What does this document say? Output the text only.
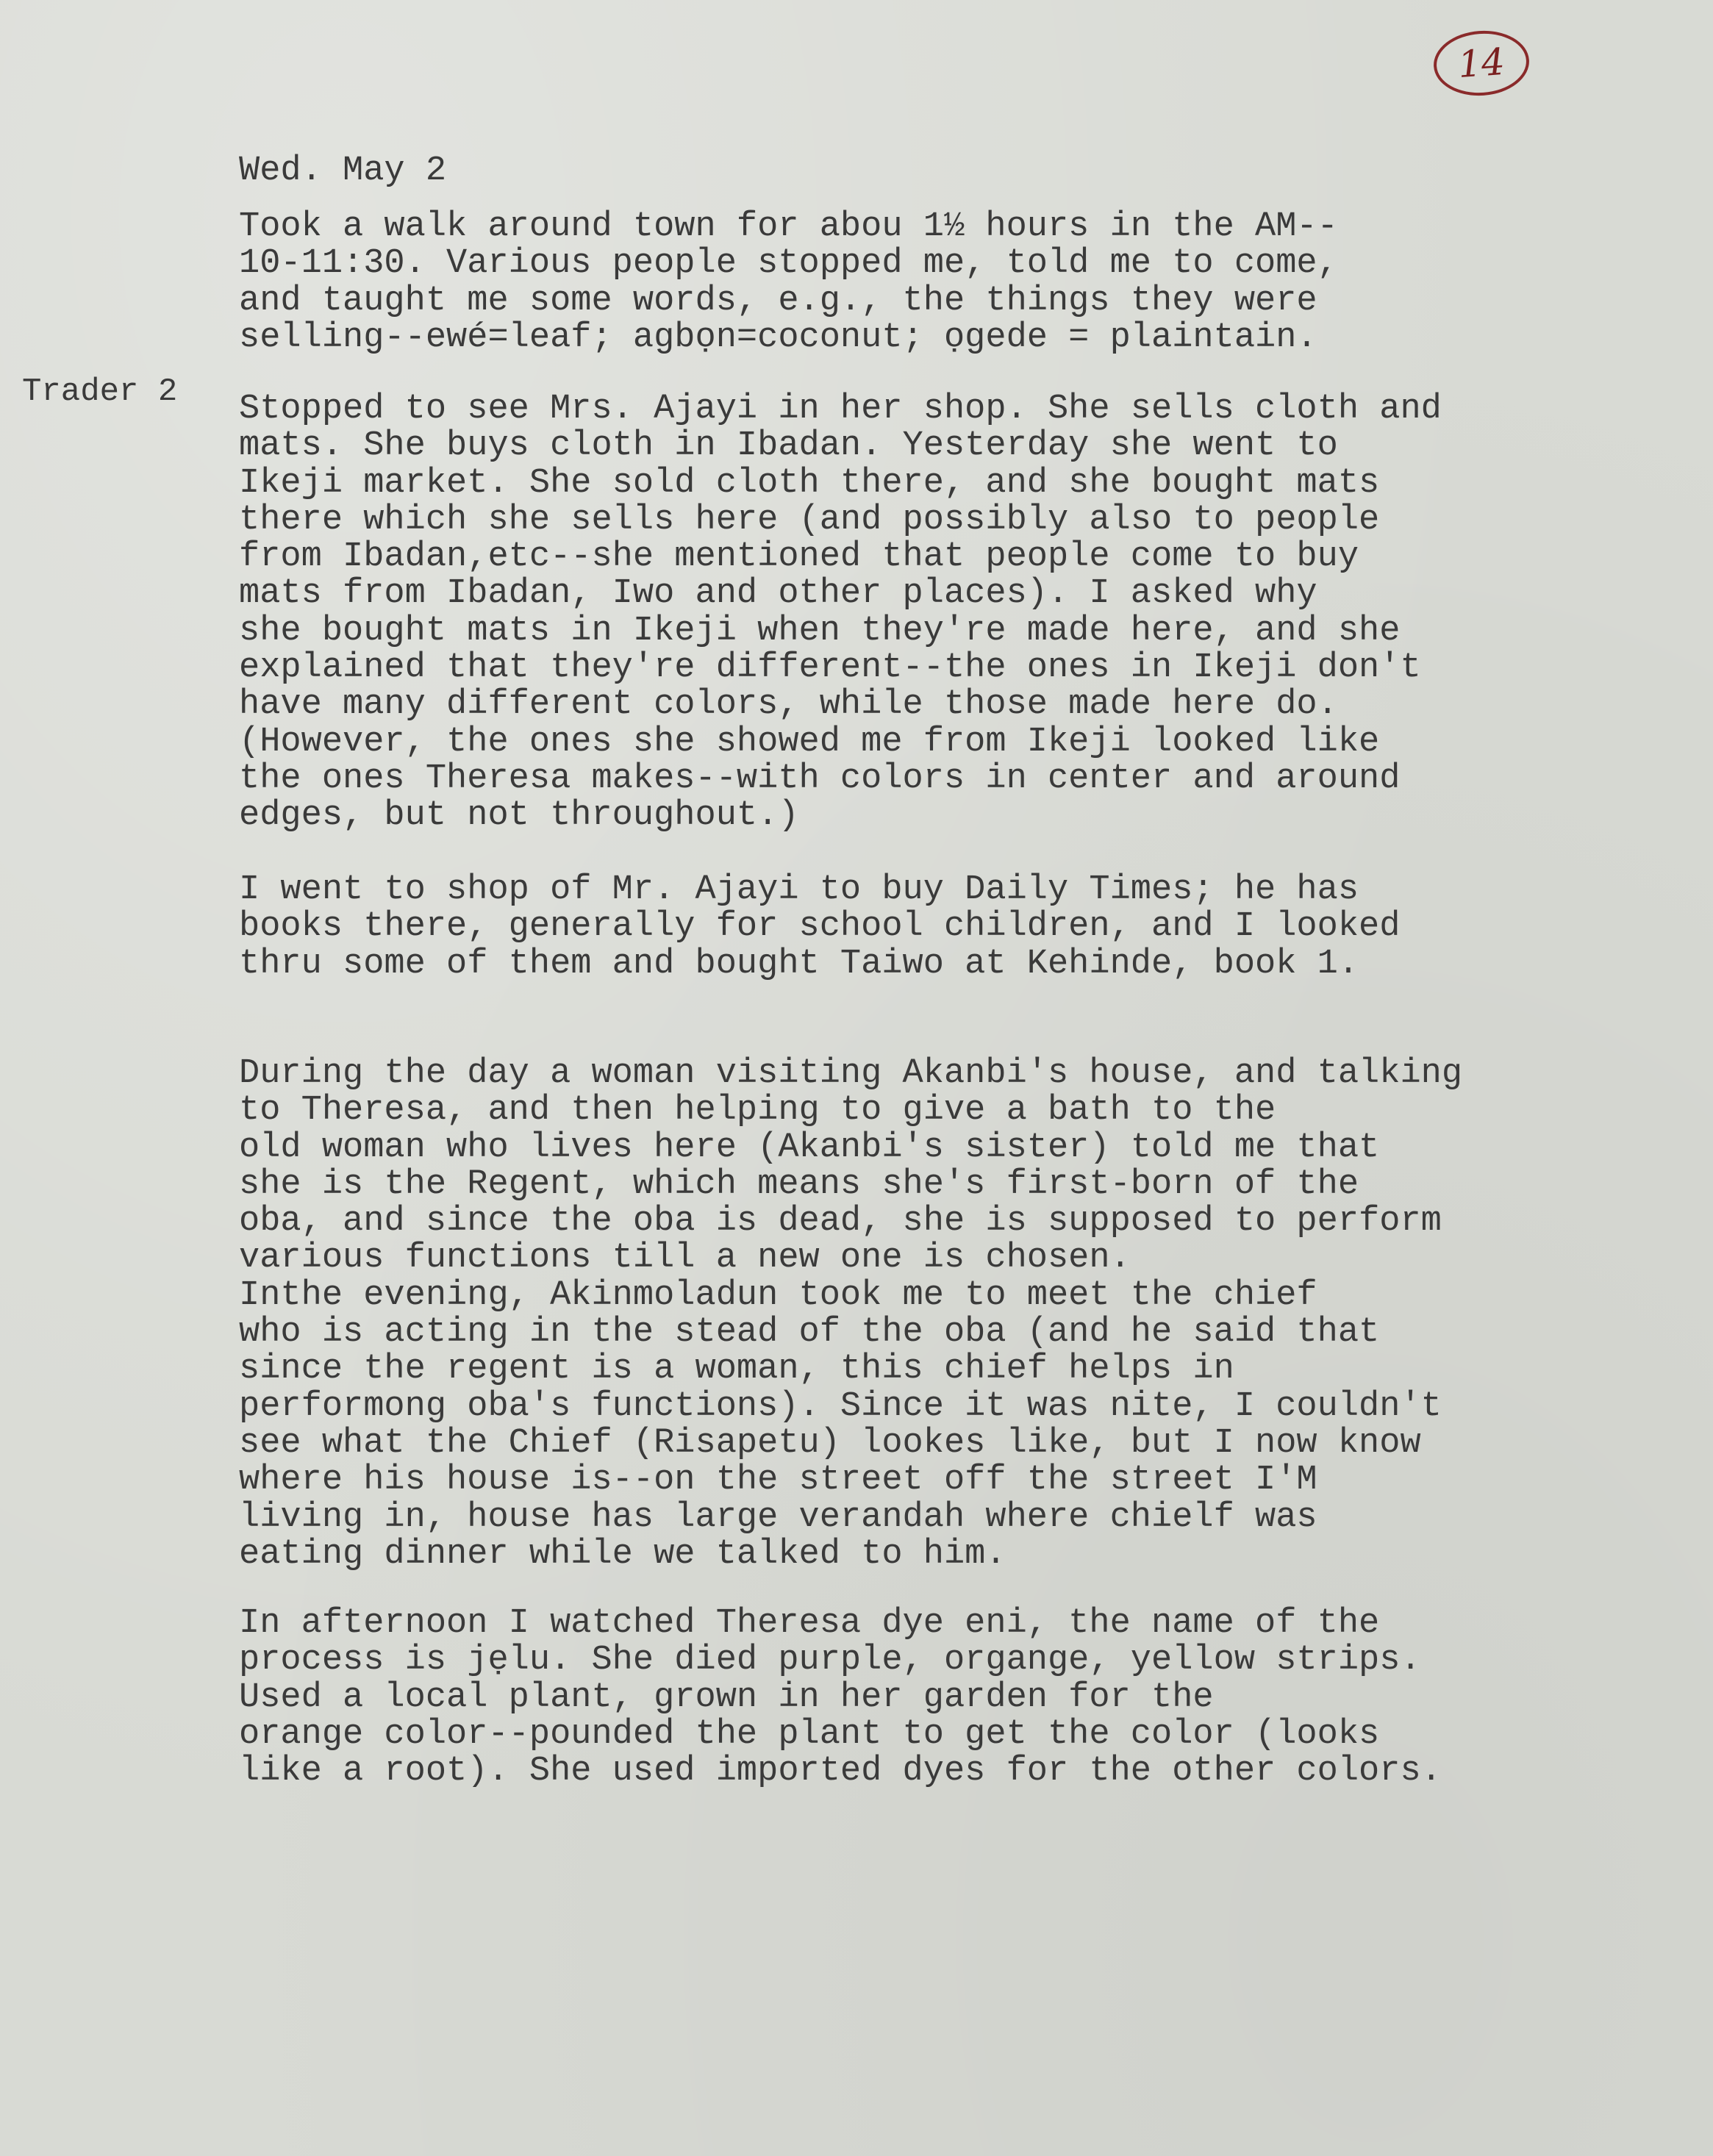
14
Trader 2
Wed. May 2
Took a walk around town for abou 1½ hours in the AM--
10-11:30. Various people stopped me, told me to come,
and taught me some words, e.g., the things they were
selling--ewé=leaf; agbọn=coconut; ọgede = plaintain.
Stopped to see Mrs. Ajayi in her shop. She sells cloth and
mats. She buys cloth in Ibadan. Yesterday she went to
Ikeji market. She sold cloth there, and she bought mats
there which she sells here (and possibly also to people
from Ibadan,etc--she mentioned that people come to buy
mats from Ibadan, Iwo and other places). I asked why
she bought mats in Ikeji when they're made here, and she
explained that they're different--the ones in Ikeji don't
have many different colors, while those made here do.
(However, the ones she showed me from Ikeji looked like
the ones Theresa makes--with colors in center and around
edges, but not throughout.)
I went to shop of Mr. Ajayi to buy Daily Times; he has
books there, generally for school children, and I looked
thru some of them and bought Taiwo at Kehinde, book 1.
During the day a woman visiting Akanbi's house, and talking
to Theresa, and then helping to give a bath to the
old woman who lives here (Akanbi's sister) told me that
she is the Regent, which means she's first-born of the
oba, and since the oba is dead, she is supposed to perform
various functions till a new one is chosen.
Inthe evening, Akinmoladun took me to meet the chief
who is acting in the stead of the oba (and he said that
since the regent is a woman, this chief helps in
performong oba's functions). Since it was nite, I couldn't
see what the Chief (Risapetu) lookes like, but I now know
where his house is--on the street off the street I'M
living in, house has large verandah where chielf was
eating dinner while we talked to him.
In afternoon I watched Theresa dye eni, the name of the
process is jẹlu. She died purple, organge, yellow strips.
Used a local plant, grown in her garden for the
orange color--pounded the plant to get the color (looks
like a root). She used imported dyes for the other colors.
